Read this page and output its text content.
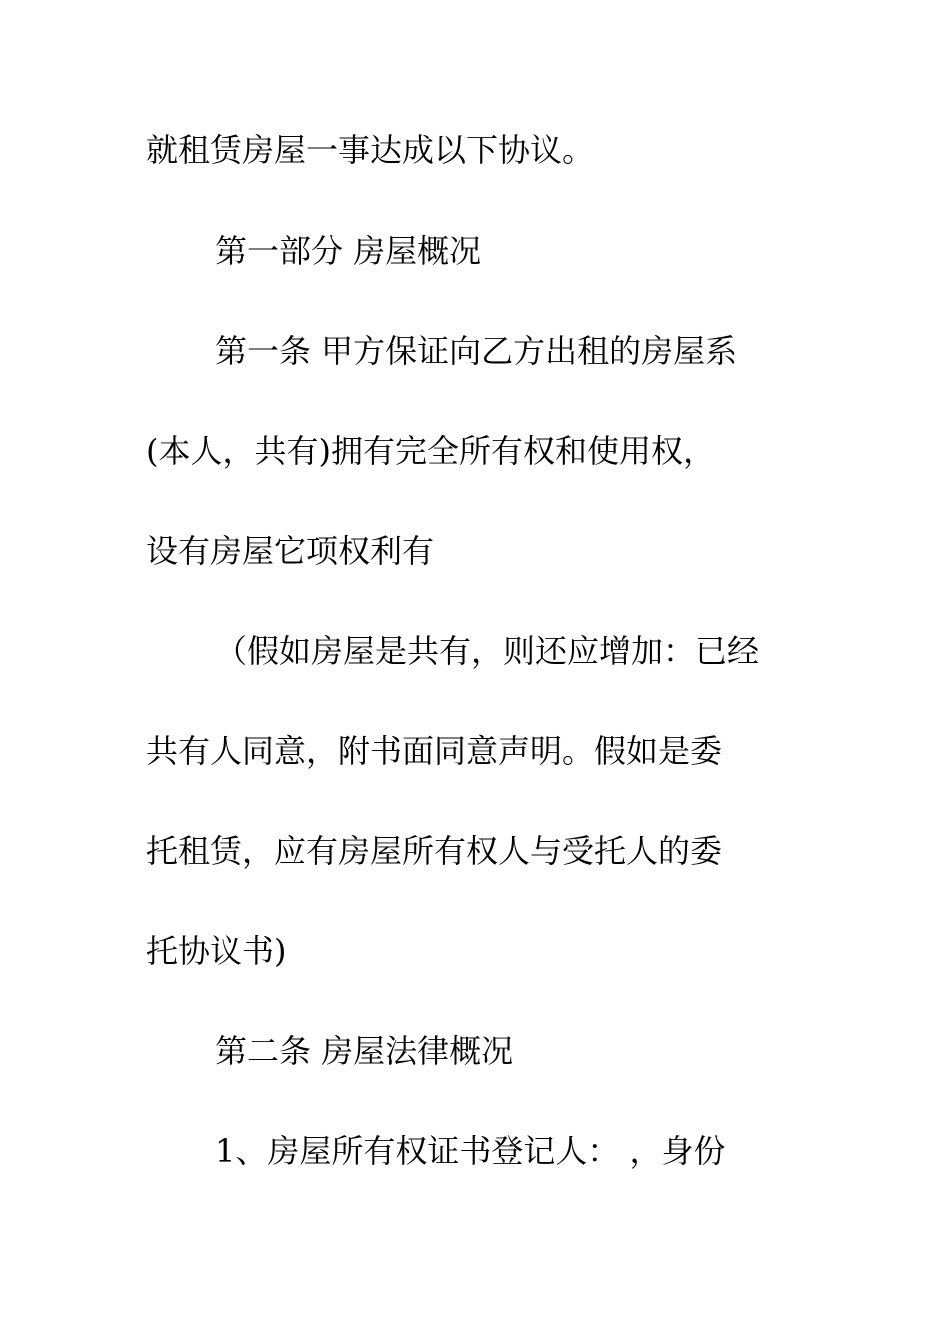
就租赁房屋一事达成以下协议。
第一部分 房屋概况
第一条 甲方保证向乙方出租的房屋系
(本人，共有)拥有完全所有权和使用权，
设有房屋它项权利有
（假如房屋是共有，则还应增加：已经
共有人同意，附书面同意声明。假如是委
托租赁，应有房屋所有权人与受托人的委
托协议书)
第二条 房屋法律概况
1、房屋所有权证书登记人： ，身份
